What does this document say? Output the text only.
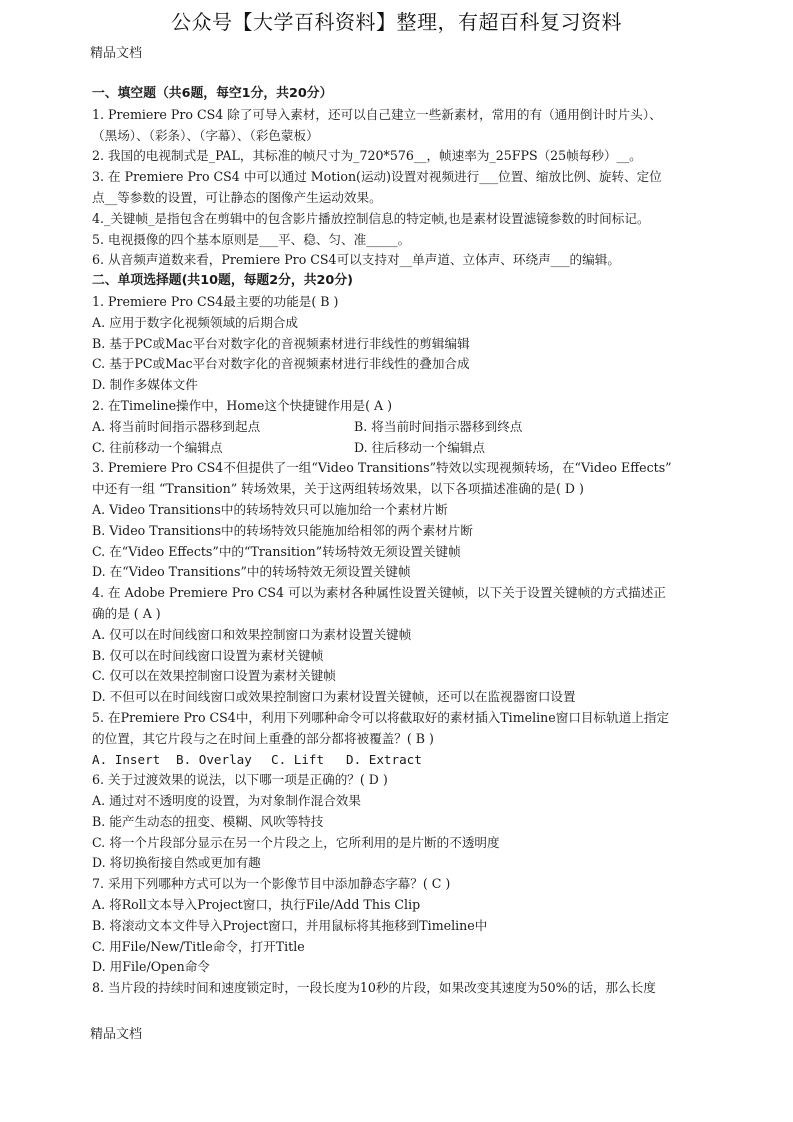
公众号【大学百科资料】整理，有超百科复习资料
精品文档
一、填空题（共6题，每空1分，共20分）
1. Premiere Pro CS4 除了可导入素材，还可以自己建立一些新素材，常用的有（通用倒计时片头）、
（黑场）、（彩条）、（字幕）、（彩色蒙板）
2. 我国的电视制式是_PAL，其标准的帧尺寸为_720*576__，帧速率为_25FPS（25帧每秒）__。
3. 在 Premiere Pro CS4 中可以通过 Motion(运动)设置对视频进行___位置、缩放比例、旋转、定位
点__等参数的设置，可让静态的图像产生运动效果。
4._关键帧_是指包含在剪辑中的包含影片播放控制信息的特定帧,也是素材设置滤镜参数的时间标记。
5. 电视摄像的四个基本原则是___平、稳、匀、准_____。
6. 从音频声道数来看，Premiere Pro CS4可以支持对__单声道、立体声、环绕声___的编辑。
二、单项选择题(共10题，每题2分，共20分)
1. Premiere Pro CS4最主要的功能是( B )
A. 应用于数字化视频领域的后期合成
B. 基于PC或Mac平台对数字化的音视频素材进行非线性的剪辑编辑
C. 基于PC或Mac平台对数字化的音视频素材进行非线性的叠加合成
D. 制作多媒体文件
2. 在Timeline操作中，Home这个快捷键作用是( A )
A. 将当前时间指示器移到起点	B. 将当前时间指示器移到终点
C. 往前移动一个编辑点	D. 往后移动一个编辑点
3. Premiere Pro CS4不但提供了一组“Video Transitions”特效以实现视频转场，在“Video Effects”
中还有一组 “Transition” 转场效果，关于这两组转场效果，以下各项描述准确的是( D )
A. Video Transitions中的转场特效只可以施加给一个素材片断
B. Video Transitions中的转场特效只能施加给相邻的两个素材片断
C. 在“Video Effects”中的“Transition”转场特效无须设置关键帧
D. 在“Video Transitions”中的转场特效无须设置关键帧
4. 在 Adobe Premiere Pro CS4 可以为素材各种属性设置关键帧，以下关于设置关键帧的方式描述正
确的是 ( A )
A. 仅可以在时间线窗口和效果控制窗口为素材设置关键帧
B. 仅可以在时间线窗口设置为素材关键帧
C. 仅可以在效果控制窗口设置为素材关键帧
D. 不但可以在时间线窗口或效果控制窗口为素材设置关键帧，还可以在监视器窗口设置
5. 在Premiere Pro CS4中，利用下列哪种命令可以将截取好的素材插入Timeline窗口目标轨道上指定
的位置，其它片段与之在时间上重叠的部分都将被覆盖？( B )
A. Insert	B. Overlay	C. Lift	D. Extract
6. 关于过渡效果的说法，以下哪一项是正确的？( D )
A. 通过对不透明度的设置，为对象制作混合效果
B. 能产生动态的扭变、模糊、风吹等特技
C. 将一个片段部分显示在另一个片段之上，它所利用的是片断的不透明度
D. 将切换衔接自然或更加有趣
7. 采用下列哪种方式可以为一个影像节目中添加静态字幕？( C )
A. 将Roll文本导入Project窗口，执行File/Add This Clip
B. 将滚动文本文件导入Project窗口，并用鼠标将其拖移到Timeline中
C. 用File/New/Title命令，打开Title
D. 用File/Open命令
8. 当片段的持续时间和速度锁定时，一段长度为10秒的片段，如果改变其速度为50%的话，那么长度
精品文档
